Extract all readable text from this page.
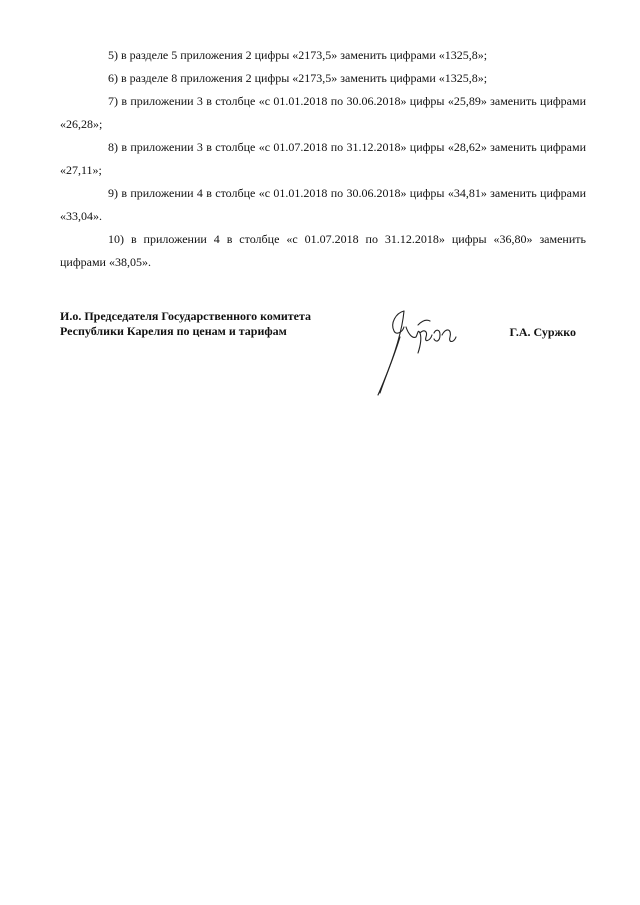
5) в разделе 5 приложения 2 цифры «2173,5» заменить цифрами «1325,8»;

6) в разделе 8 приложения 2 цифры «2173,5» заменить цифрами «1325,8»;

7) в приложении 3 в столбце «с 01.01.2018 по 30.06.2018» цифры «25,89» заменить цифрами «26,28»;

8) в приложении 3 в столбце «с 01.07.2018 по 31.12.2018» цифры «28,62» заменить цифрами «27,11»;

9) в приложении 4 в столбце «с 01.01.2018 по 30.06.2018» цифры «34,81» заменить цифрами «33,04».

10) в приложении 4 в столбце «с 01.07.2018 по 31.12.2018» цифры «36,80» заменить цифрами «38,05».

И.о. Председателя Государственного комитета
Республики Карелия по ценам и тарифам	Г.А. Суржко
